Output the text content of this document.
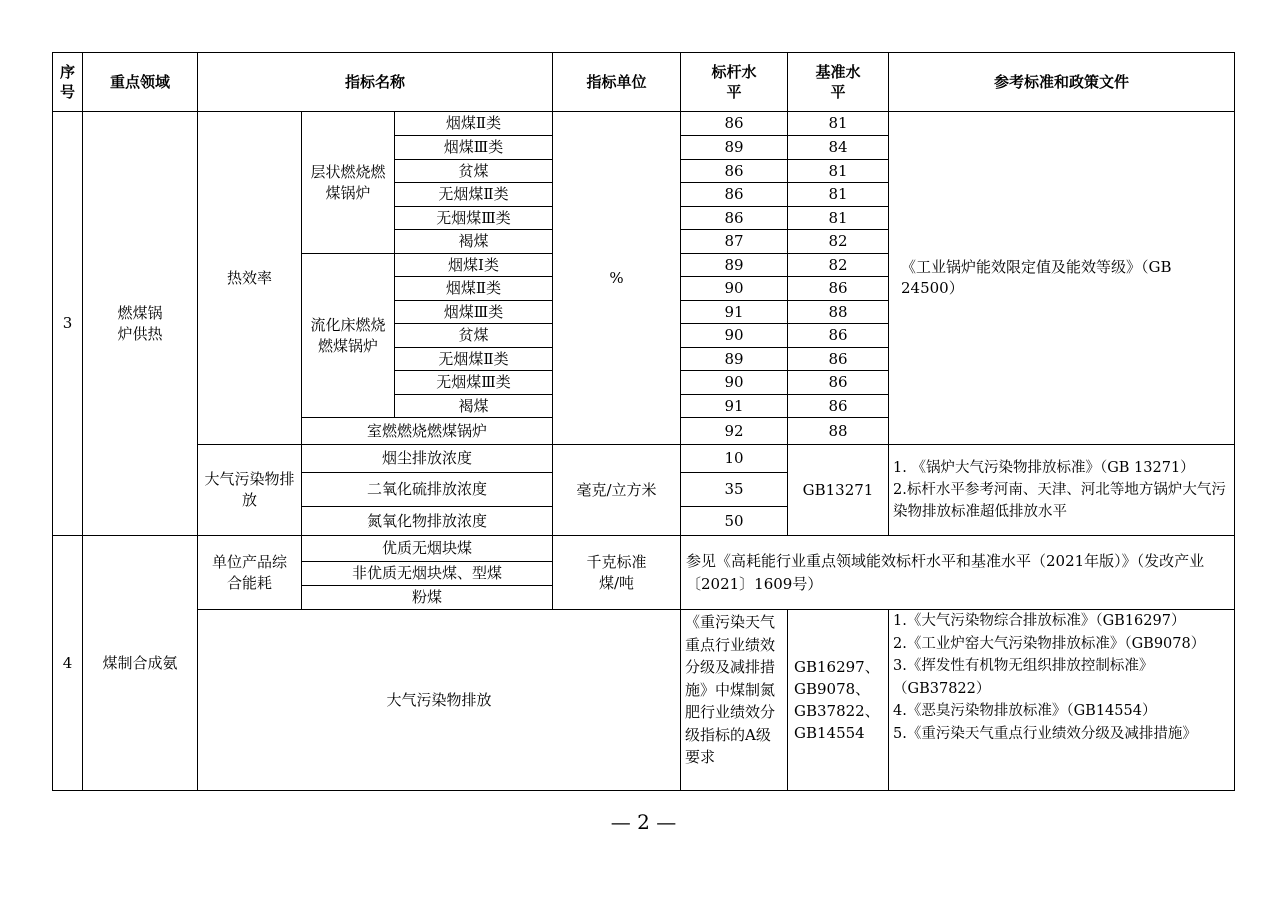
序号	重点领域	指标名称			指标单位	标杆水平	基准水平	参考标准和政策文件
3	燃煤锅炉供热	热效率	层状燃烧燃煤锅炉	烟煤Ⅱ类	%	86	81	《工业锅炉能效限定值及能效等级》（GB 24500）
				烟煤Ⅲ类		89	84	
				贫煤		86	81	
				无烟煤Ⅱ类		86	81	
				无烟煤Ⅲ类		86	81	
				褐煤		87	82	
			流化床燃烧燃煤锅炉	烟煤Ⅰ类		89	82	
				烟煤Ⅱ类		90	86	
				烟煤Ⅲ类		91	88	
				贫煤		90	86	
				无烟煤Ⅱ类		89	86	
				无烟煤Ⅲ类		90	86	
				褐煤		91	86	
			室燃燃烧燃煤锅炉			92	88	
		大气污染物排放	烟尘排放浓度		毫克/立方米	10	GB13271	1. 《锅炉大气污染物排放标准》（GB 13271）
2.标杆水平参考河南、天津、河北等地方锅炉大气污染物排放标准超低排放水平

			二氧化硫排放浓度			35		
			氮氧化物排放浓度			50		
4	煤制合成氨	单位产品综合能耗	优质无烟块煤		千克标准煤/吨	参见《高耗能行业重点领域能效标杆水平和基准水平（2021年版）》（发改产业〔2021〕1609号）		
			非优质无烟块煤、型煤					
			粉煤					
		大气污染物排放				《重污染天气重点行业绩效分级及减排措施》中煤制氮肥行业绩效分级指标的A级要求	GB16297、GB9078、GB37822、GB14554	1.《大气污染物综合排放标准》（GB16297）
2.《工业炉窑大气污染物排放标准》（GB9078）
3.《挥发性有机物无组织排放控制标准》（GB37822）
4.《恶臭污染物排放标准》（GB14554）
5.《重污染天气重点行业绩效分级及减排措施》
— 2 —
